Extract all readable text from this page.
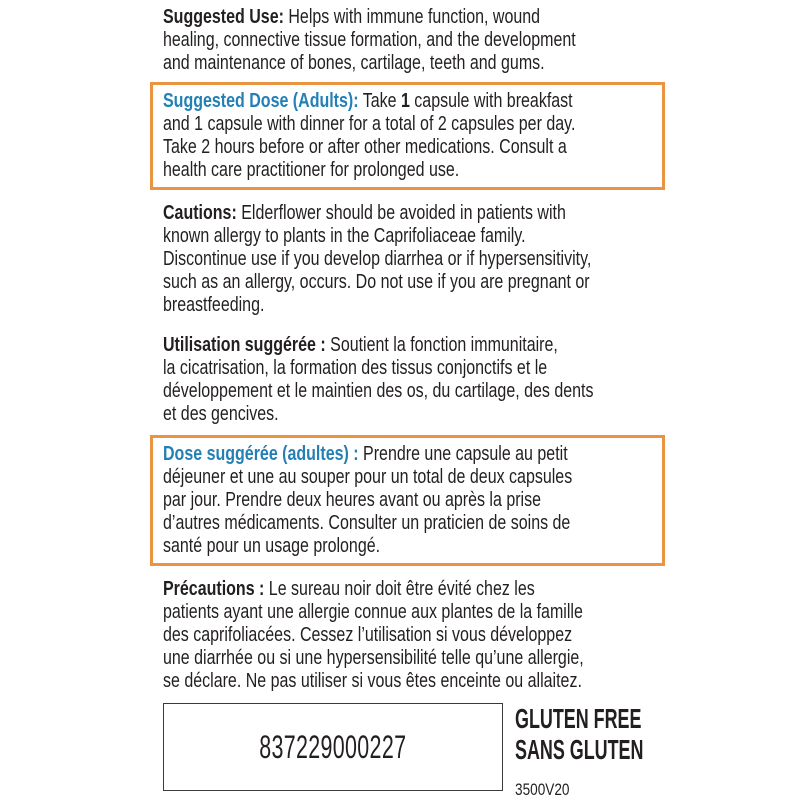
Suggested Use: Helps with immune function, wound
healing, connective tissue formation, and the development
and maintenance of bones, cartilage, teeth and gums.
Suggested Dose (Adults): Take 1 capsule with breakfast
and 1 capsule with dinner for a total of 2 capsules per day.
Take 2 hours before or after other medications. Consult a
health care practitioner for prolonged use.
Cautions: Elderflower should be avoided in patients with
known allergy to plants in the Caprifoliaceae family.
Discontinue use if you develop diarrhea or if hypersensitivity,
such as an allergy, occurs. Do not use if you are pregnant or
breastfeeding.
Utilisation suggérée : Soutient la fonction immunitaire,
la cicatrisation, la formation des tissus conjonctifs et le
développement et le maintien des os, du cartilage, des dents
et des gencives.
Dose suggérée (adultes) : Prendre une capsule au petit
déjeuner et une au souper pour un total de deux capsules
par jour. Prendre deux heures avant ou après la prise
d’autres médicaments. Consulter un praticien de soins de
santé pour un usage prolongé.
Précautions : Le sureau noir doit être évité chez les
patients ayant une allergie connue aux plantes de la famille
des caprifoliacées. Cessez l’utilisation si vous développez
une diarrhée ou si une hypersensibilité telle qu’une allergie,
se déclare. Ne pas utiliser si vous êtes enceinte ou allaitez.
837229000227
GLUTEN FREE
SANS GLUTEN
3500V20
